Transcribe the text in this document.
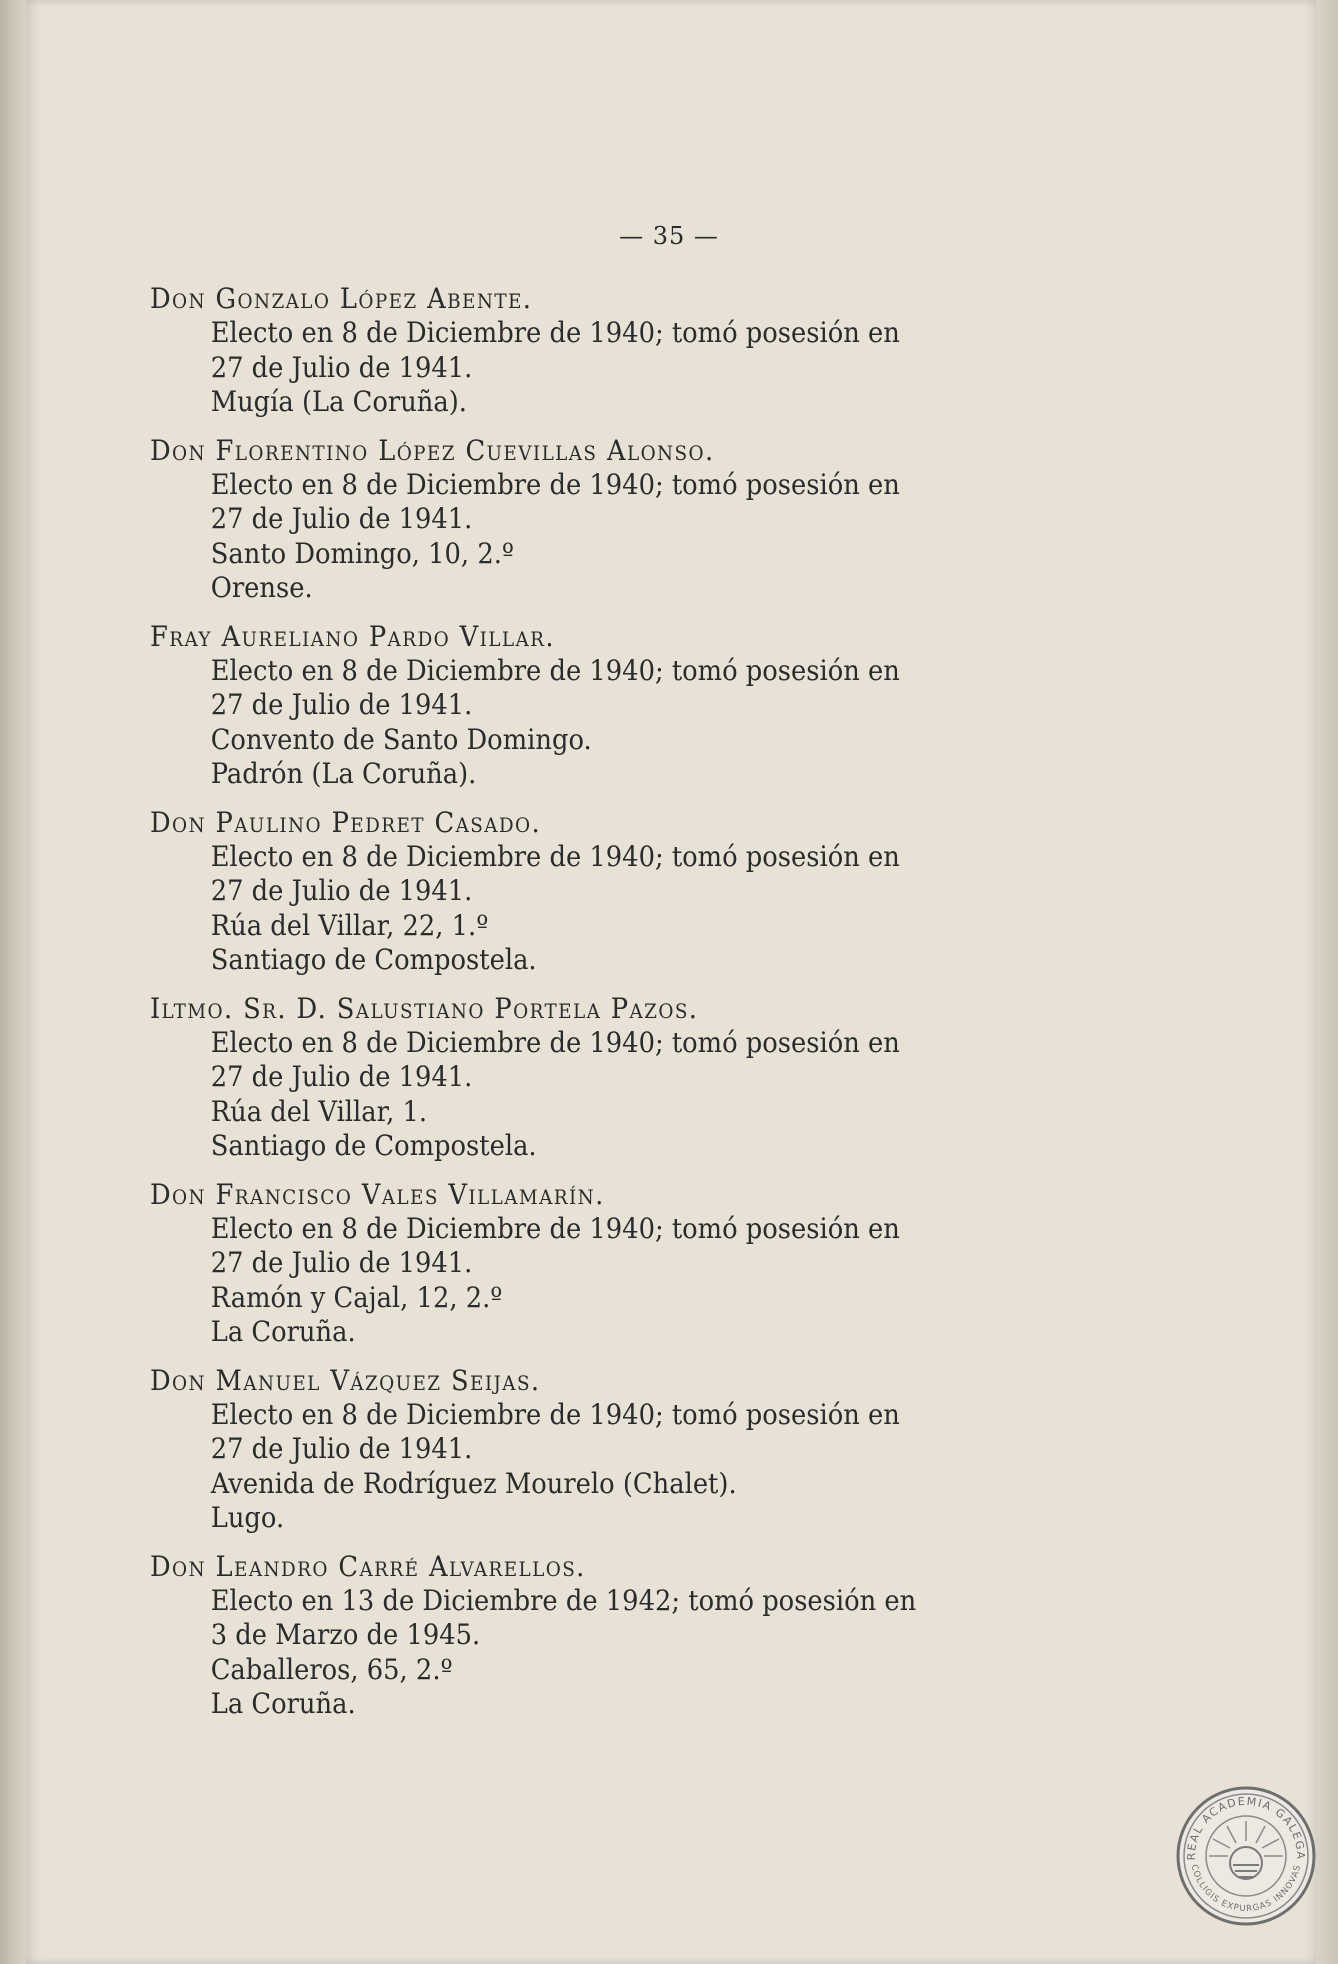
— 35 —
Don Gonzalo López Abente.
Electo en 8 de Diciembre de 1940; tomó posesión en
27 de Julio de 1941.
Mugía (La Coruña).
Don Florentino López Cuevillas Alonso.
Electo en 8 de Diciembre de 1940; tomó posesión en
27 de Julio de 1941.
Santo Domingo, 10, 2.º
Orense.
Fray Aureliano Pardo Villar.
Electo en 8 de Diciembre de 1940; tomó posesión en
27 de Julio de 1941.
Convento de Santo Domingo.
Padrón (La Coruña).
Don Paulino Pedret Casado.
Electo en 8 de Diciembre de 1940; tomó posesión en
27 de Julio de 1941.
Rúa del Villar, 22, 1.º
Santiago de Compostela.
Iltmo. Sr. D. Salustiano Portela Pazos.
Electo en 8 de Diciembre de 1940; tomó posesión en
27 de Julio de 1941.
Rúa del Villar, 1.
Santiago de Compostela.
Don Francisco Vales Villamarín.
Electo en 8 de Diciembre de 1940; tomó posesión en
27 de Julio de 1941.
Ramón y Cajal, 12, 2.º
La Coruña.
Don Manuel Vázquez Seijas.
Electo en 8 de Diciembre de 1940; tomó posesión en
27 de Julio de 1941.
Avenida de Rodríguez Mourelo (Chalet).
Lugo.
Don Leandro Carré Alvarellos.
Electo en 13 de Diciembre de 1942; tomó posesión en
3 de Marzo de 1945.
Caballeros, 65, 2.º
La Coruña.
REAL ACADEMIA GALEGA
COLLIGIS EXPURGAS INNOVAS
